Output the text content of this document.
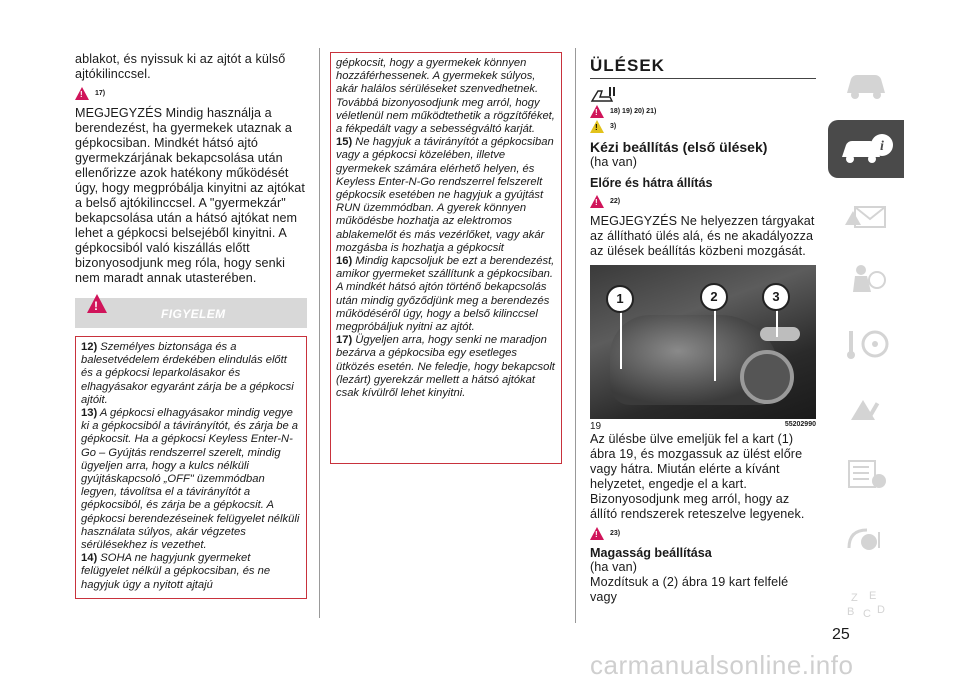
ablakot, és nyissuk ki az ajtót a külső ajtókilinccsel.

! 17)

MEGJEGYZÉS Mindig használja a berendezést, ha gyermekek utaznak a gépkocsiban. Mindkét hátsó ajtó gyermekzárjának bekapcsolása után ellenőrizze azok hatékony működését úgy, hogy megpróbálja kinyitni az ajtókat a belső ajtókilinccsel. A "gyermekzár" bekapcsolása után a hátsó ajtókat nem lehet a gépkocsi belsejéből kinyitni. A gépkocsiból való kiszállás előtt bizonyosodjunk meg róla, hogy senki nem maradt annak utasterében.

!
FIGYELEM

12) Személyes biztonsága és a balesetvédelem érdekében elindulás előtt és a gépkocsi leparkolásakor és elhagyásakor egyaránt zárja be a gépkocsi ajtóit.

13) A gépkocsi elhagyásakor mindig vegye ki a gépkocsiból a távirányítót, és zárja be a gépkocsit. Ha a gépkocsi Keyless Enter-N-Go – Gyújtás rendszerrel szerelt, mindig ügyeljen arra, hogy a kulcs nélküli gyújtáskapcsoló „OFF" üzemmódban legyen, távolítsa el a távirányítót a gépkocsiból, és zárja be a gépkocsit. A gépkocsi berendezéseinek felügyelet nélküli használata súlyos, akár végzetes sérülésekhez is vezethet.

14) SOHA ne hagyjunk gyermeket felügyelet nélkül a gépkocsiban, és ne hagyjuk úgy a nyitott ajtajú

gépkocsit, hogy a gyermekek könnyen hozzáférhessenek. A gyermekek súlyos, akár halálos sérüléseket szenvedhetnek. Továbbá bizonyosodjunk meg arról, hogy véletlenül nem működtethetik a rögzítőféket, a fékpedált vagy a sebességváltó karját.

15) Ne hagyjuk a távirányítót a gépkocsiban vagy a gépkocsi közelében, illetve gyermekek számára elérhető helyen, és Keyless Enter-N-Go rendszerrel felszerelt gépkocsik esetében ne hagyjuk a gyújtást RUN üzemmódban. A gyerek könnyen működésbe hozhatja az elektromos ablakemelőt és más vezérlőket, vagy akár mozgásba is hozhatja a gépkocsit

16) Mindig kapcsoljuk be ezt a berendezést, amikor gyermeket szállítunk a gépkocsiban. A mindkét hátsó ajtón történő bekapcsolás után mindig győződjünk meg a berendezés működéséről úgy, hogy a belső kilinccsel megpróbáljuk nyitni az ajtót.

17) Ügyeljen arra, hogy senki ne maradjon bezárva a gépkocsiba egy esetleges ütközés esetén. Ne feledje, hogy bekapcsolt (lezárt) gyerekzár mellett a hátsó ajtókat csak kívülről lehet kinyitni.

ÜLÉSEK
! 18) 19) 20) 21)
! 3)
Kézi beállítás (első ülések)

(ha van)

Előre és hátra állítás
! 22)

MEGJEGYZÉS Ne helyezzen tárgyakat az állítható ülés alá, és ne akadályozza az ülések beállítás közbeni mozgását.

1	2	3
19	55202990

Az ülésbe ülve emeljük fel a kart (1) ábra 19, és mozgassuk az ülést előre vagy hátra. Miután elérte a kívánt helyzetet, engedje el a kart. Bizonyosodjunk meg arról, hogy az állító rendszerek reteszelve legyenek.

! 23)
Magasság beállítása

(ha van)

Mozdítsuk a (2) ábra 19 kart felfelé vagy

i
Z E
B C D
25
carmanualsonline.info
